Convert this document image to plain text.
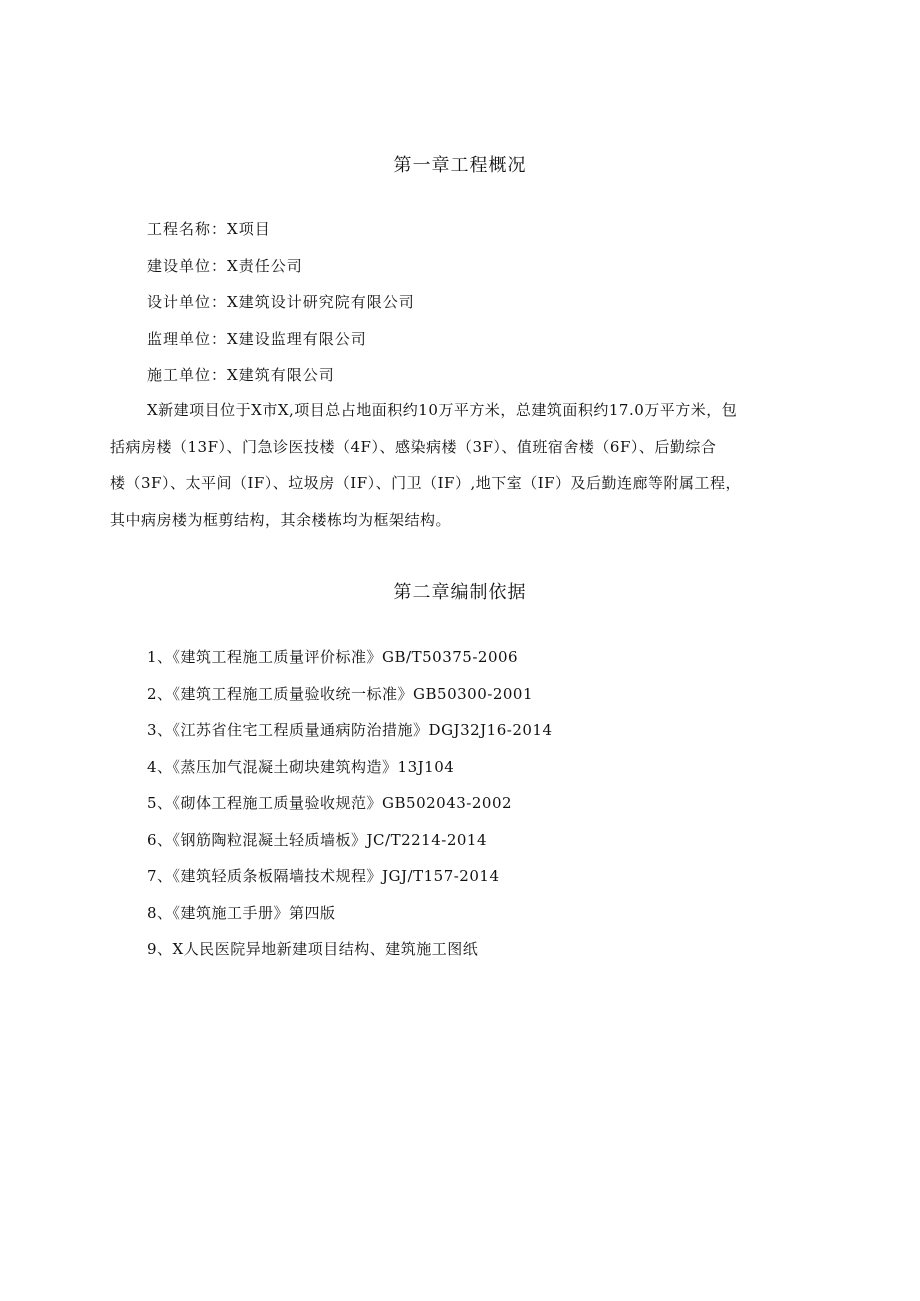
第一章工程概况
工程名称：X项目
建设单位：X责任公司
设计单位：X建筑设计研究院有限公司
监理单位：X建设监理有限公司
施工单位：X建筑有限公司

X新建项目位于X市X,项目总占地面积约10万平方米，总建筑面积约17.0万平方米，包
括病房楼（13F）、门急诊医技楼（4F）、感染病楼（3F）、值班宿舍楼（6F）、后勤综合
楼（3F）、太平间（IF）、垃圾房（IF）、门卫（IF）,地下室（IF）及后勤连廊等附属工程，
其中病房楼为框剪结构，其余楼栋均为框架结构。

第二章编制依据
1、《建筑工程施工质量评价标准》GB/T50375-2006
2、《建筑工程施工质量验收统一标准》GB50300-2001
3、《江苏省住宅工程质量通病防治措施》DGJ32J16-2014
4、《蒸压加气混凝土砌块建筑构造》13J104
5、《砌体工程施工质量验收规范》GB502043-2002
6、《钢筋陶粒混凝土轻质墙板》JC/T2214-2014
7、《建筑轻质条板隔墙技术规程》JGJ/T157-2014
8、《建筑施工手册》第四版
9、X人民医院异地新建项目结构、建筑施工图纸
